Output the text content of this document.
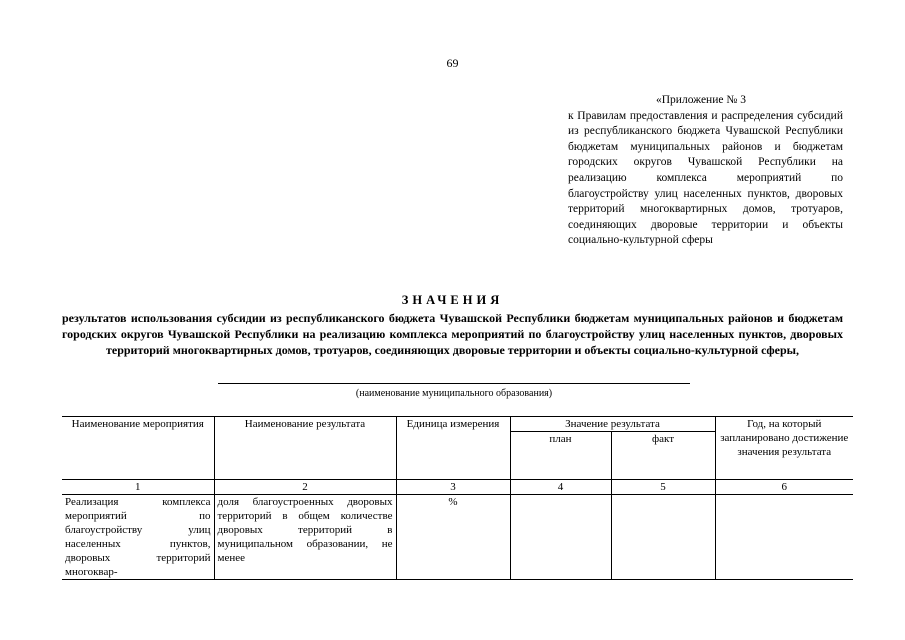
69
«Приложение № 3
к Правилам предоставления и распределения субсидий из республиканского бюджета Чувашской Республики бюджетам муниципальных районов и бюджетам городских округов Чувашской Республики на реализацию комплекса мероприятий по благоустройству улиц населенных пунктов, дворовых территорий многоквартирных домов, тротуаров, соединяющих дворовые территории и объекты социально-культурной сферы
ЗНАЧЕНИЯ
результатов использования субсидии из республиканского бюджета Чувашской Республики бюджетам муниципальных районов и бюджетам городских округов Чувашской Республики на реализацию комплекса мероприятий по благоустройству улиц населенных пунктов, дворовых территорий многоквартирных домов, тротуаров, соединяющих дворовые территории и объекты социально-культурной сферы,
(наименование муниципального образования)
Наименование мероприятия	Наименование результата	Единица измерения	Значение результата		Год, на который запланировано достижение значения результата
			план	факт	
1	2	3	4	5	6
Реализация комплекса мероприятий по благоустройству улиц населенных пунктов, дворовых территорий многоквар-	доля благоустроенных дворовых территорий в общем количестве дворовых территорий в муниципальном образовании, не менее	%			
